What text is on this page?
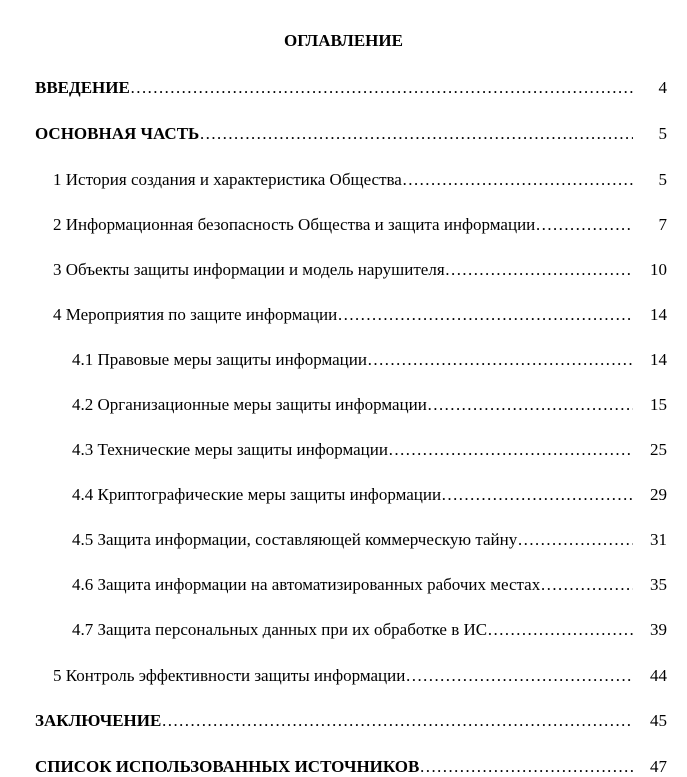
ОГЛАВЛЕНИЕ
ВВЕДЕНИЕ ……………………………………………………………………………………………………………………………………	4
ОСНОВНАЯ ЧАСТЬ ……………………………………………………………………………………………………………………………………	5
1 История создания и характеристика Общества ……………………………………………………………………………………………………………………………………	5
2 Информационная безопасность Общества и защита информации ……………………………………………………………………………………………………………………………………	7
3 Объекты защиты информации и модель нарушителя ……………………………………………………………………………………………………………………………………	10
4 Мероприятия по защите информации ……………………………………………………………………………………………………………………………………	14
4.1 Правовые меры защиты информации ……………………………………………………………………………………………………………………………………	14
4.2 Организационные меры защиты информации ……………………………………………………………………………………………………………………………………	15
4.3 Технические меры защиты информации ……………………………………………………………………………………………………………………………………	25
4.4 Криптографические меры защиты информации ……………………………………………………………………………………………………………………………………	29
4.5 Защита информации, составляющей коммерческую тайну ……………………………………………………………………………………………………………………………………	31
4.6 Защита информации на автоматизированных рабочих местах ……………………………………………………………………………………………………………………………………	35
4.7 Защита персональных данных при их обработке в ИС ……………………………………………………………………………………………………………………………………	39
5 Контроль эффективности защиты информации ……………………………………………………………………………………………………………………………………	44
ЗАКЛЮЧЕНИЕ ……………………………………………………………………………………………………………………………………	45
СПИСОК ИСПОЛЬЗОВАННЫХ ИСТОЧНИКОВ ……………………………………………………………………………………………………………………………………	47
